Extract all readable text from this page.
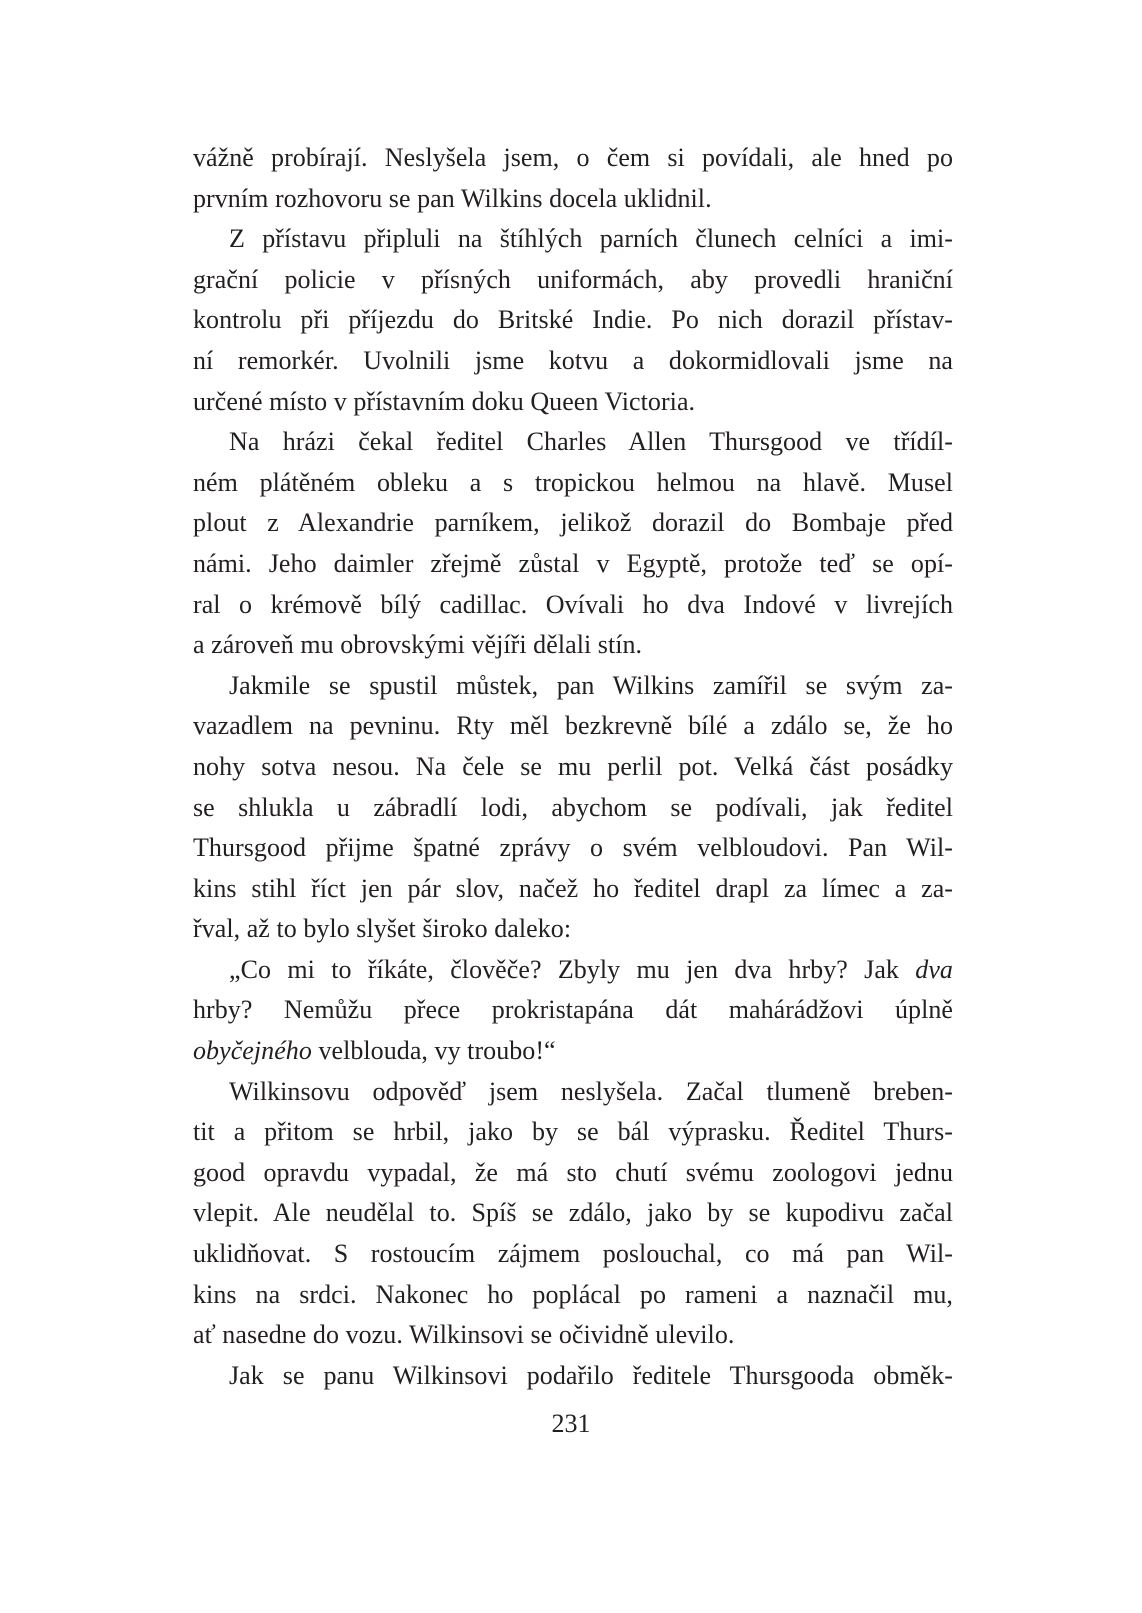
vážně probírají. Neslyšela jsem, o čem si povídali, ale hned po
prvním rozhovoru se pan Wilkins docela uklidnil.
Z přístavu připluli na štíhlých parních člunech celníci a imi-
grační policie v přísných uniformách, aby provedli hraniční
kontrolu při příjezdu do Britské Indie. Po nich dorazil přístav-
ní remorkér. Uvolnili jsme kotvu a dokormidlovali jsme na
určené místo v přístavním doku Queen Victoria.
Na hrázi čekal ředitel Charles Allen Thursgood ve třídíl-
ném plátěném obleku a s tropickou helmou na hlavě. Musel
plout z Alexandrie parníkem, jelikož dorazil do Bombaje před
námi. Jeho daimler zřejmě zůstal v Egyptě, protože teď se opí-
ral o krémově bílý cadillac. Ovívali ho dva Indové v livrejích
a zároveň mu obrovskými vějíři dělali stín.
Jakmile se spustil můstek, pan Wilkins zamířil se svým za-
vazadlem na pevninu. Rty měl bezkrevně bílé a zdálo se, že ho
nohy sotva nesou. Na čele se mu perlil pot. Velká část posádky
se shlukla u zábradlí lodi, abychom se podívali, jak ředitel
Thursgood přijme špatné zprávy o svém velbloudovi. Pan Wil-
kins stihl říct jen pár slov, načež ho ředitel drapl za límec a za-
řval, až to bylo slyšet široko daleko:
„Co mi to říkáte, člověče? Zbyly mu jen dva hrby? Jak dva
hrby? Nemůžu přece prokristapána dát mahárádžovi úplně
obyčejného velblouda, vy troubo!“
Wilkinsovu odpověď jsem neslyšela. Začal tlumeně breben-
tit a přitom se hrbil, jako by se bál výprasku. Ředitel Thurs-
good opravdu vypadal, že má sto chutí svému zoologovi jednu
vlepit. Ale neudělal to. Spíš se zdálo, jako by se kupodivu začal
uklidňovat. S rostoucím zájmem poslouchal, co má pan Wil-
kins na srdci. Nakonec ho poplácal po rameni a naznačil mu,
ať nasedne do vozu. Wilkinsovi se očividně ulevilo.
Jak se panu Wilkinsovi podařilo ředitele Thursgooda obměk-
231
